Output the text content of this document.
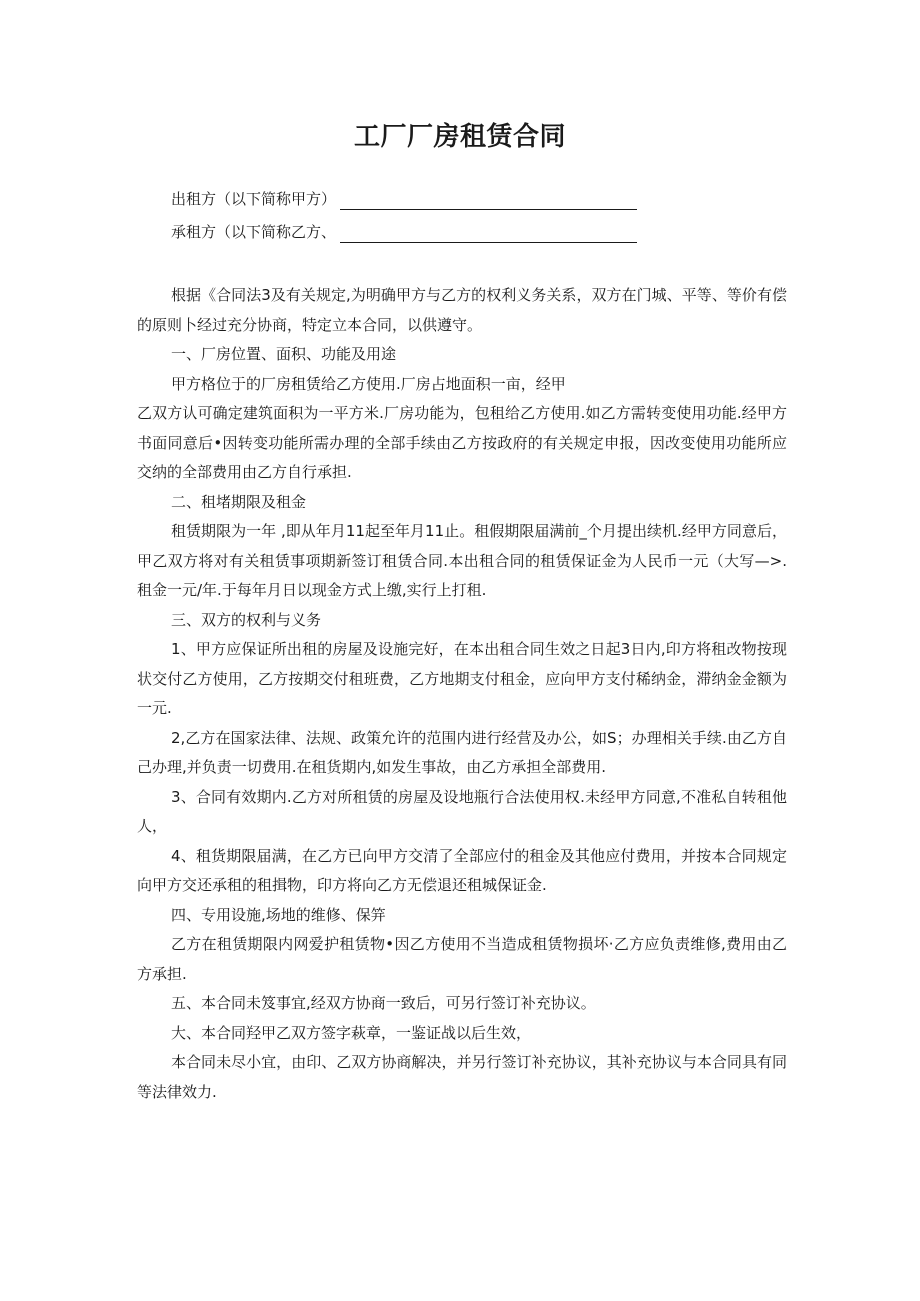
工厂厂房租赁合同
出租方（以下简称甲方）
承租方（以下简称乙方、

根据《合同法3及有关规定,为明确甲方与乙方的权利义务关系，双方在门城、平等、等价有偿的原则卜经过充分协商，特定立本合同，以供遵守。

一、厂房位置、面积、功能及用途

甲方格位于的厂房租赁给乙方使用.厂房占地面积一亩，经甲

乙双方认可确定建筑面积为一平方米.厂房功能为，包租给乙方使用.如乙方需转变使用功能.经甲方书面同意后•因转变功能所需办理的全部手续由乙方按政府的有关规定申报，因改变使用功能所应交纳的全部费用由乙方自行承担.

二、租堵期限及租金

租赁期限为一年 ,即从年月11起至年月11止。租假期限届满前_个月提出续机.经甲方同意后，甲乙双方将对有关租赁事项期新签订租赁合同.本出租合同的租赁保证金为人民币一元（大写—>.租金一元/年.于每年月日以现金方式上缴,实行上打租.

三、双方的权利与义务

1、甲方应保证所出租的房屋及设施完好，在本出租合同生效之日起3日内,印方将租改物按现状交付乙方使用，乙方按期交付租班费，乙方地期支付租金，应向甲方支付稀纳金，滞纳金金额为一元.

2,乙方在国家法律、法规、政策允许的范围内进行经营及办公，如S；办理相关手续.由乙方自己办理,并负责一切费用.在租货期内,如发生事故，由乙方承担全部费用.

3、合同有效期内.乙方对所租赁的房屋及设地瓶行合法使用权.未经甲方同意,不准私自转租他人，

4、租货期限届满，在乙方已向甲方交清了全部应付的租金及其他应付费用，并按本合同规定向甲方交还承租的租揖物，印方将向乙方无偿退还租城保证金.

四、专用设施,场地的维修、保笄

乙方在租赁期限内网爱护租赁物•因乙方使用不当造成租赁物损坏·乙方应负责维修,费用由乙方承担.

五、本合同未笈事宜,经双方协商一致后，可另行签订补充协议。

大、本合同羟甲乙双方签字萩章，一鉴证战以后生效，

本合同未尽小宜，由印、乙双方协商解决，并另行签订补充协议，其补充协议与本合同具有同等法律效力.
